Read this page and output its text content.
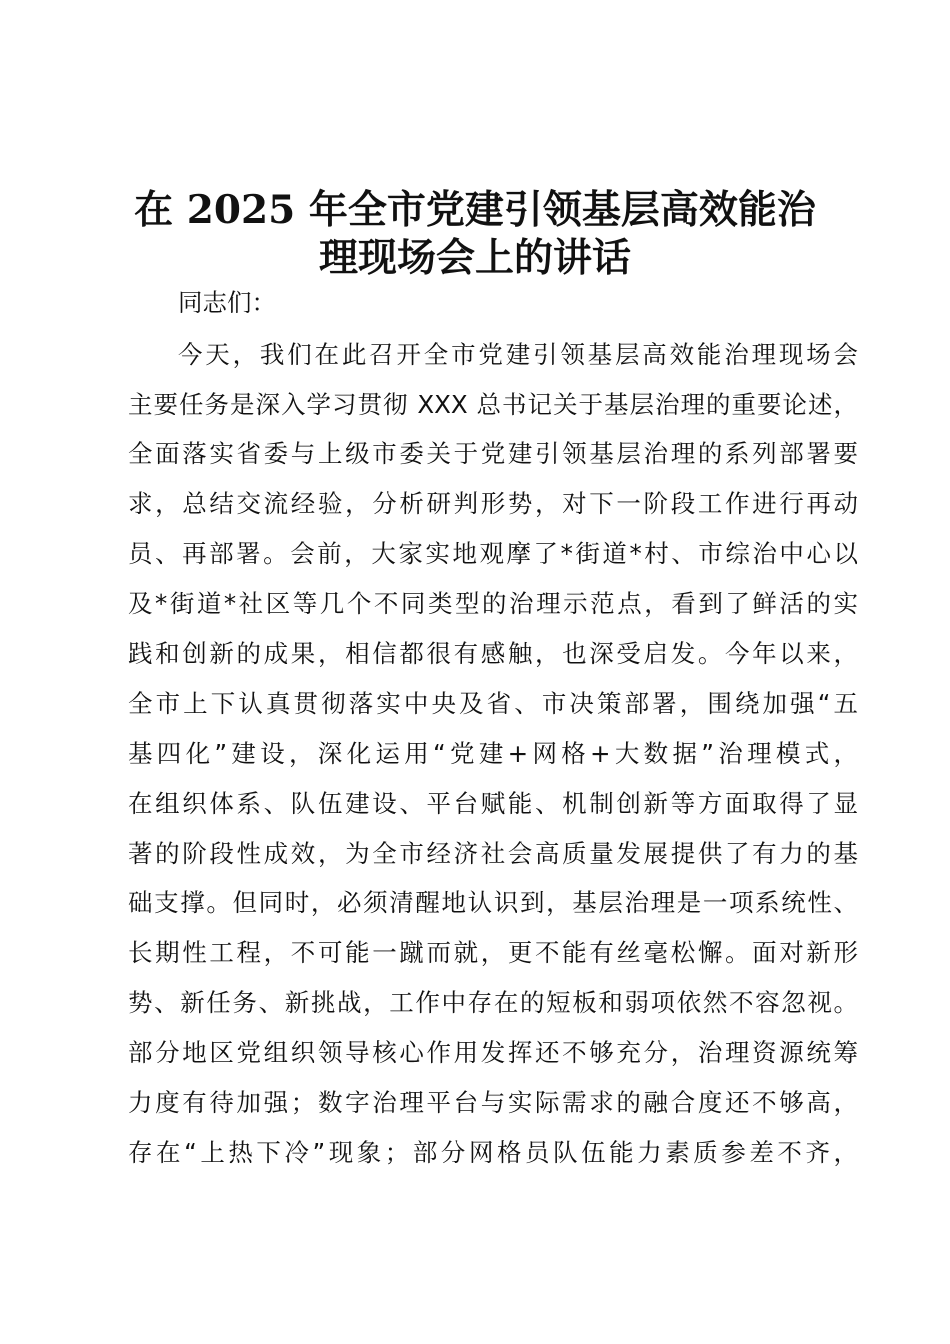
在 2025 年全市党建引领基层高效能治
理现场会上的讲话
同志们：
今天，我们在此召开全市党建引领基层高效能治理现场会
主要任务是深入学习贯彻 XXX 总书记关于基层治理的重要论述，
全面落实省委与上级市委关于党建引领基层治理的系列部署要
求，总结交流经验，分析研判形势，对下一阶段工作进行再动
员、再部署。会前，大家实地观摩了*街道*村、市综治中心以
及*街道*社区等几个不同类型的治理示范点，看到了鲜活的实
践和创新的成果，相信都很有感触，也深受启发。今年以来，
全市上下认真贯彻落实中央及省、市决策部署，围绕加强“五
基四化”建设，深化运用“党建+网格+大数据”治理模式，
在组织体系、队伍建设、平台赋能、机制创新等方面取得了显
著的阶段性成效，为全市经济社会高质量发展提供了有力的基
础支撑。但同时，必须清醒地认识到，基层治理是一项系统性、
长期性工程，不可能一蹴而就，更不能有丝毫松懈。面对新形
势、新任务、新挑战，工作中存在的短板和弱项依然不容忽视。
部分地区党组织领导核心作用发挥还不够充分，治理资源统筹
力度有待加强；数字治理平台与实际需求的融合度还不够高，
存在“上热下冷”现象；部分网格员队伍能力素质参差不齐，
